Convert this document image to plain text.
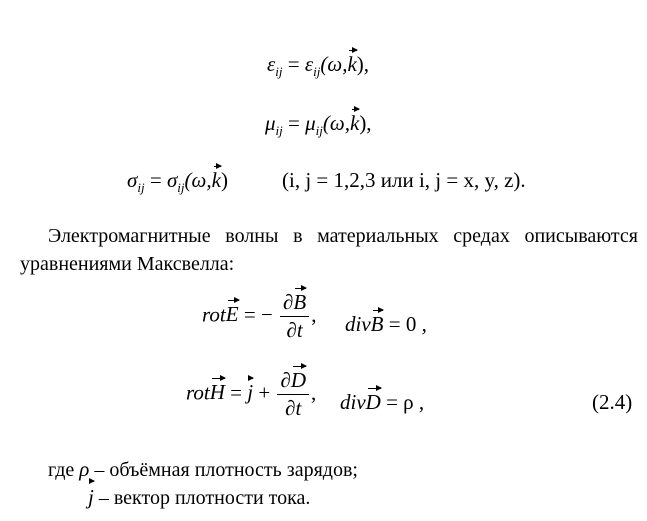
$\varepsilon_{ij} = \varepsilon_{ij}(\omega,k)$,
$\mu_{ij} = \mu_{ij}(\omega,k)$,
$\sigma_{ij} = \sigma_{ij}(\omega,k)$	(i, j = 1,2,3 или i, j = x, y, z).
Электромагнитные волны в материальных средах описываются
уравнениями Максвелла:
rotE = − $\frac{\partial B}{\partial t}$ , divB = 0 ,
rotH = $j + \frac{\partial D}{\partial t}$ , divD = ρ ,	(2.4)
где ρ – объёмная плотность зарядов;
j – вектор плотности тока.
